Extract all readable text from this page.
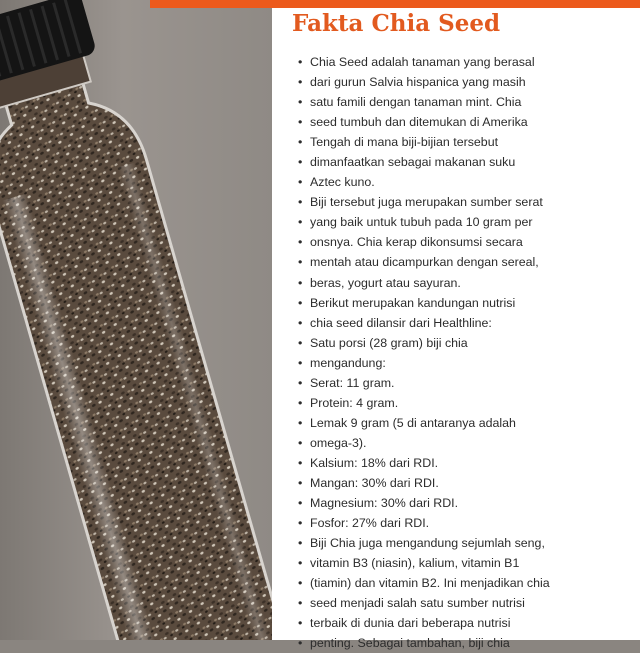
Fakta Chia Seed
• Chia Seed adalah tanaman yang berasal
• dari gurun Salvia hispanica yang masih
• satu famili dengan tanaman mint. Chia
• seed tumbuh dan ditemukan di Amerika
• Tengah di mana biji-bijian tersebut
• dimanfaatkan sebagai makanan suku
• Aztec kuno.
• Biji tersebut juga merupakan sumber serat
• yang baik untuk tubuh pada 10 gram per
• onsnya. Chia kerap dikonsumsi secara
• mentah atau dicampurkan dengan sereal,
• beras, yogurt atau sayuran.
• Berikut merupakan kandungan nutrisi
• chia seed dilansir dari Healthline:
• Satu porsi (28 gram) biji chia
• mengandung:
• Serat: 11 gram.
• Protein: 4 gram.
• Lemak 9 gram (5 di antaranya adalah
• omega-3).
• Kalsium: 18% dari RDI.
• Mangan: 30% dari RDI.
• Magnesium: 30% dari RDI.
• Fosfor: 27% dari RDI.
• Biji Chia juga mengandung sejumlah seng,
• vitamin B3 (niasin), kalium, vitamin B1
• (tiamin) dan vitamin B2. Ini menjadikan chia
• seed menjadi salah satu sumber nutrisi
• terbaik di dunia dari beberapa nutrisi
• penting. Sebagai tambahan, biji chia
